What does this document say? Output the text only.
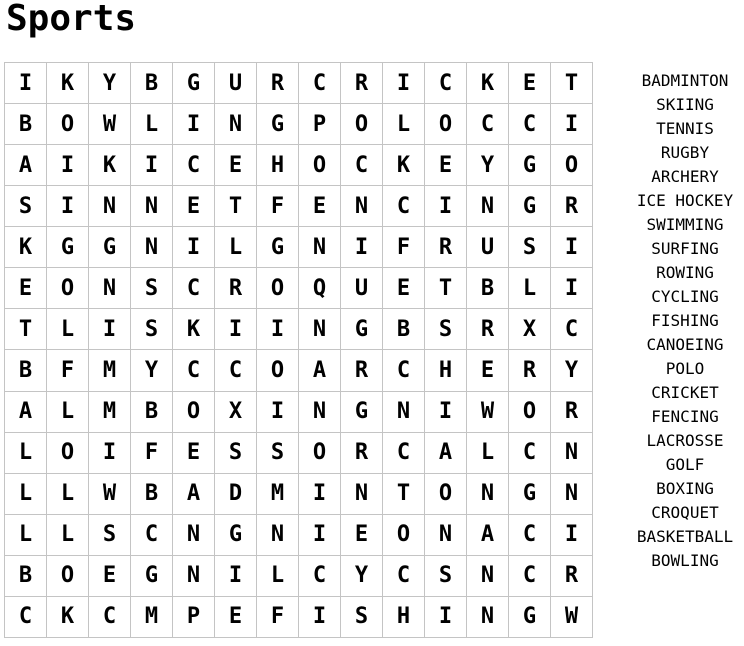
Sports
I	K	Y	B	G	U	R	C	R	I	C	K	E	T
B	O	W	L	I	N	G	P	O	L	O	C	C	I
A	I	K	I	C	E	H	O	C	K	E	Y	G	O
S	I	N	N	E	T	F	E	N	C	I	N	G	R
K	G	G	N	I	L	G	N	I	F	R	U	S	I
E	O	N	S	C	R	O	Q	U	E	T	B	L	I
T	L	I	S	K	I	I	N	G	B	S	R	X	C
B	F	M	Y	C	C	O	A	R	C	H	E	R	Y
A	L	M	B	O	X	I	N	G	N	I	W	O	R
L	O	I	F	E	S	S	O	R	C	A	L	C	N
L	L	W	B	A	D	M	I	N	T	O	N	G	N
L	L	S	C	N	G	N	I	E	O	N	A	C	I
B	O	E	G	N	I	L	C	Y	C	S	N	C	R
C	K	C	M	P	E	F	I	S	H	I	N	G	W
BADMINTON
SKIING
TENNIS
RUGBY
ARCHERY
ICE HOCKEY
SWIMMING
SURFING
ROWING
CYCLING
FISHING
CANOEING
POLO
CRICKET
FENCING
LACROSSE
GOLF
BOXING
CROQUET
BASKETBALL
BOWLING
